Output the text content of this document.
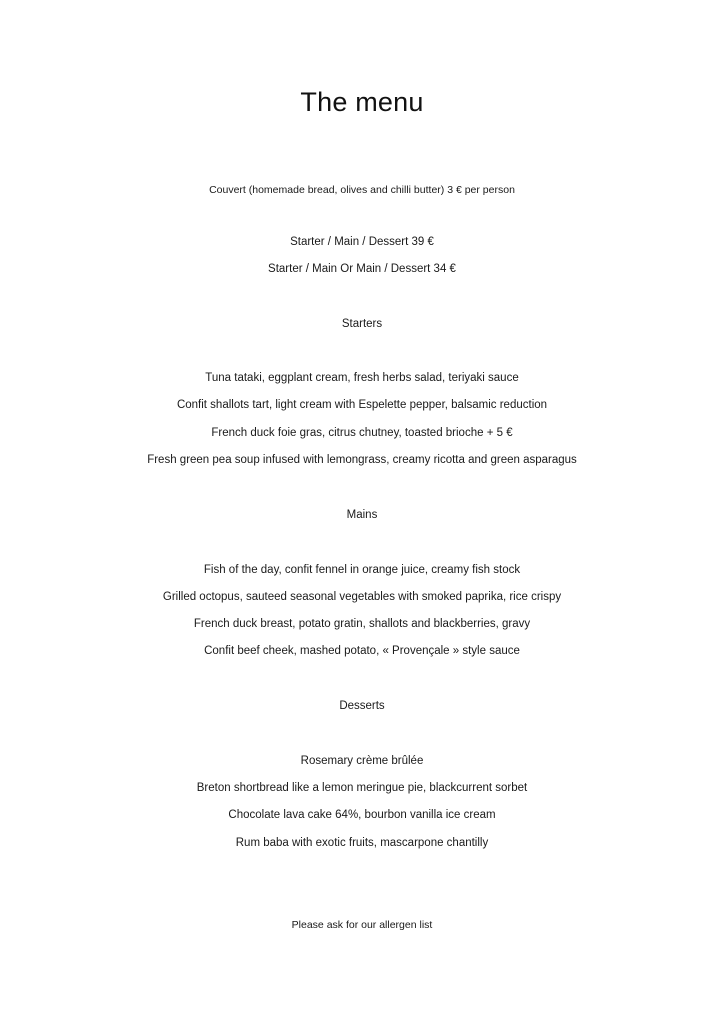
The menu
Couvert (homemade bread, olives and chilli butter) 3 € per person
Starter / Main / Dessert 39 €
Starter / Main Or Main / Dessert 34 €
Starters
Tuna tataki, eggplant cream, fresh herbs salad, teriyaki sauce
Confit shallots tart, light cream with Espelette pepper, balsamic reduction
French duck foie gras, citrus chutney, toasted brioche + 5 €
Fresh green pea soup infused with lemongrass, creamy ricotta and green asparagus
Mains
Fish of the day, confit fennel in orange juice, creamy fish stock
Grilled octopus, sauteed seasonal vegetables with smoked paprika, rice crispy
French duck breast, potato gratin, shallots and blackberries, gravy
Confit beef cheek, mashed potato, « Provençale » style sauce
Desserts
Rosemary crème brûlée
Breton shortbread like a lemon meringue pie, blackcurrent sorbet
Chocolate lava cake 64%, bourbon vanilla ice cream
Rum baba with exotic fruits, mascarpone chantilly
Please ask for our allergen list
